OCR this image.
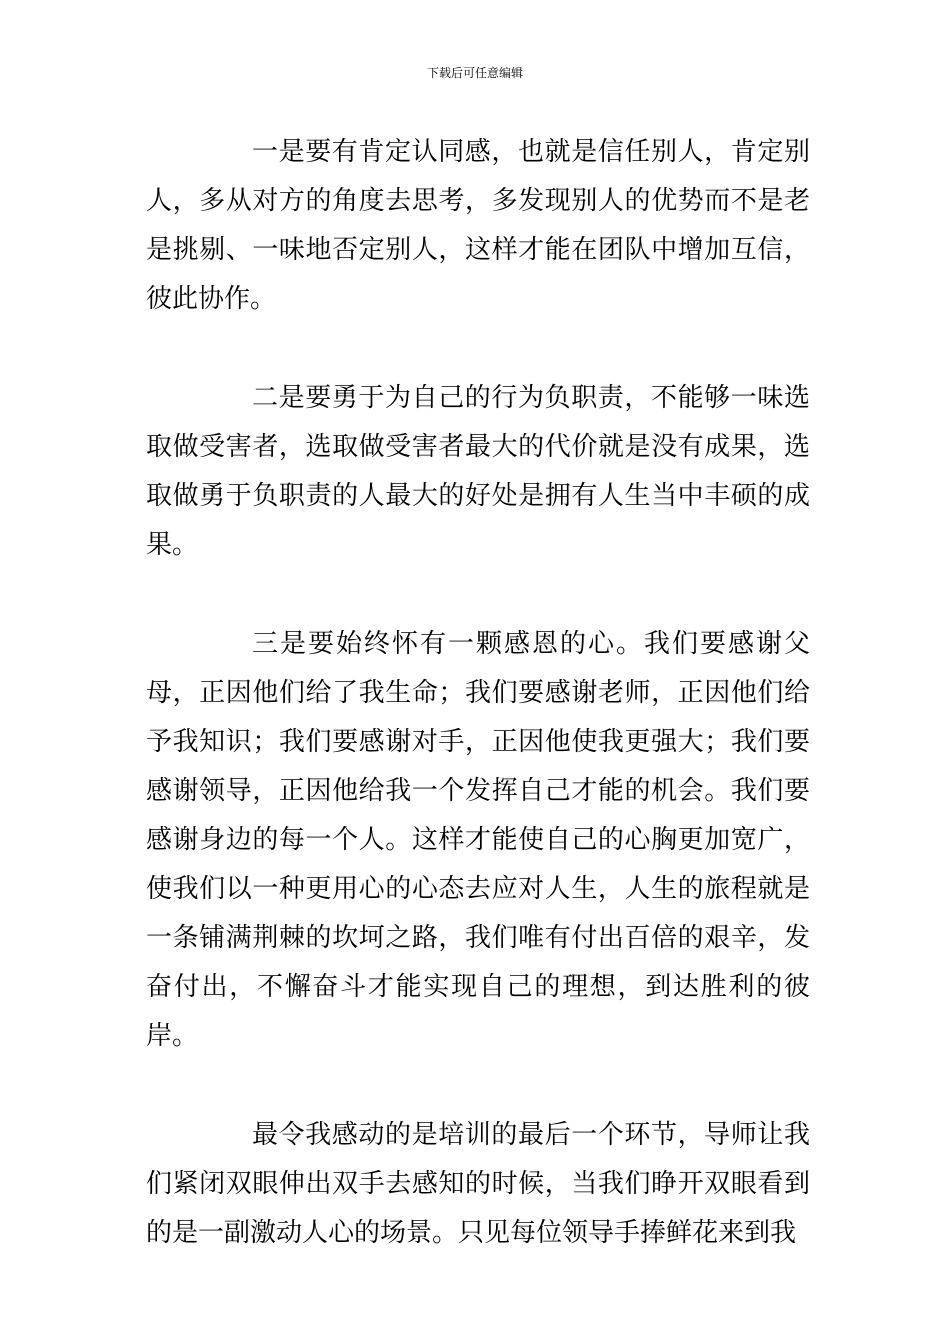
下载后可任意编辑

一是要有肯定认同感，也就是信任别人，肯定别人，多从对方的角度去思考，多发现别人的优势而不是老是挑剔、一味地否定别人，这样才能在团队中增加互信，彼此协作。

二是要勇于为自己的行为负职责，不能够一味选取做受害者，选取做受害者最大的代价就是没有成果，选取做勇于负职责的人最大的好处是拥有人生当中丰硕的成果。

三是要始终怀有一颗感恩的心。我们要感谢父母，正因他们给了我生命；我们要感谢老师，正因他们给予我知识；我们要感谢对手，正因他使我更强大；我们要感谢领导，正因他给我一个发挥自己才能的机会。我们要感谢身边的每一个人。这样才能使自己的心胸更加宽广，使我们以一种更用心的心态去应对人生，人生的旅程就是一条铺满荆棘的坎坷之路，我们唯有付出百倍的艰辛，发奋付出，不懈奋斗才能实现自己的理想，到达胜利的彼岸。

最令我感动的是培训的最后一个环节，导师让我们紧闭双眼伸出双手去感知的时候，当我们睁开双眼看到的是一副激动人心的场景。只见每位领导手捧鲜花来到我
